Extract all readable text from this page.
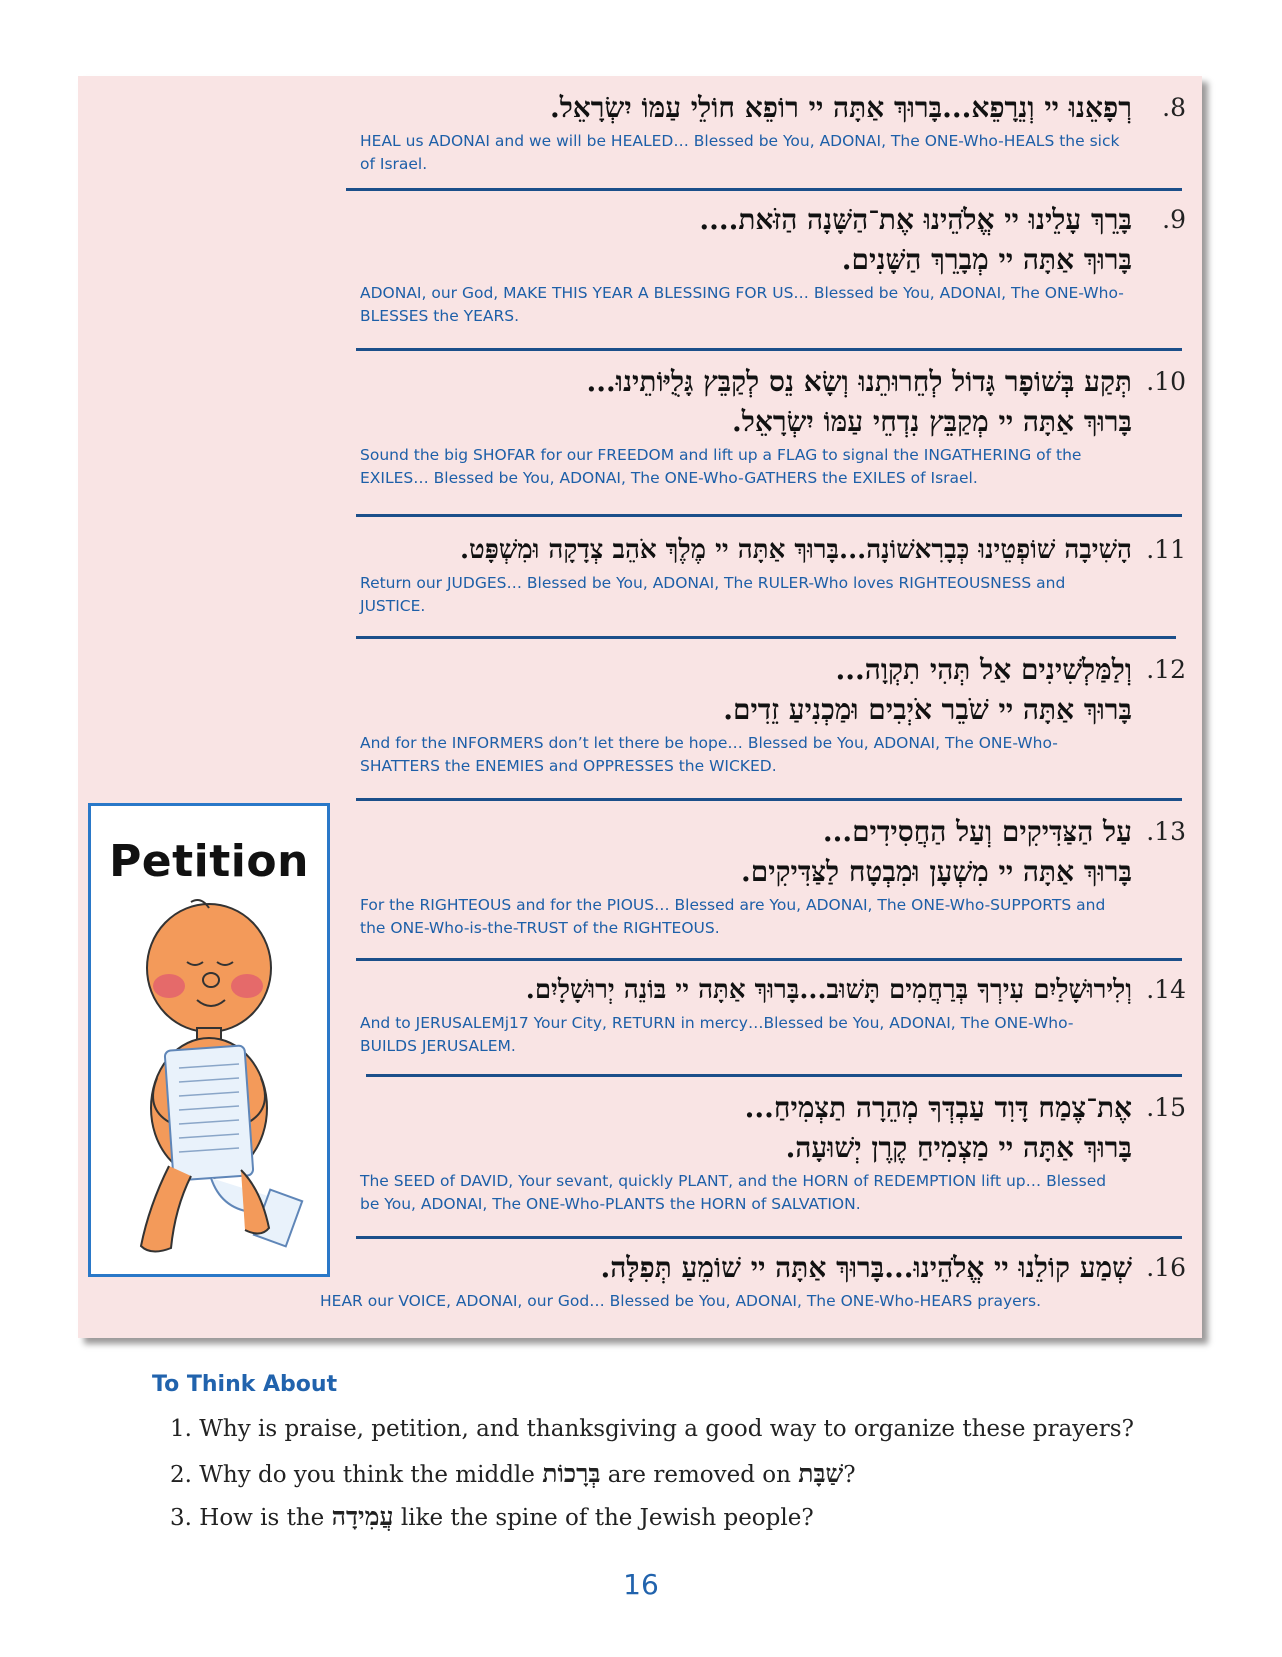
.8
רְפָאֵנוּ יי וְנֵרָפֵא...בָּרוּךְ אַתָּה יי רוֹפֵא חוֹלֵי עַמּוֹ יִשְׂרָאֵל.
HEAL us ADONAI and we will be HEALED… Blessed be You, ADONAI, The ONE-Who-HEALS the sick of Israel.
.9
בָּרֵךְ עָלֵינוּ יי אֱלֹהֵינוּ אֶת־הַשָּׁנָה הַזֹּאת....
בָּרוּךְ אַתָּה יי מְבָרֵךְ הַשָּׁנִים.
ADONAI, our God, MAKE THIS YEAR A BLESSING FOR US… Blessed be You, ADONAI, The ONE-Who-BLESSES the YEARS.
.10
תְּקַע בְּשׁוֹפָר גָּדוֹל לְחֵרוּתֵנוּ וְשָׂא נֵס לְקַבֵּץ גָּלֻיּוֹתֵינוּ...
בָּרוּךְ אַתָּה יי מְקַבֵּץ נִדְחֵי עַמּוֹ יִשְׂרָאֵל.
Sound the big SHOFAR for our FREEDOM and lift up a FLAG to signal the INGATHERING of the EXILES… Blessed be You, ADONAI, The ONE-Who-GATHERS the EXILES of Israel.
.11
הָשִׁיבָה שׁוֹפְטֵינוּ כְּבָרִאשׁוֹנָה...בָּרוּךְ אַתָּה יי מֶלֶךְ אֹהֵב צְדָקָה וּמִשְׁפָּט.
Return our JUDGES… Blessed be You, ADONAI, The RULER-Who loves RIGHTEOUSNESS and JUSTICE.
.12
וְלַמַּלְשִׁינִים אַל תְּהִי תִקְוָה...
בָּרוּךְ אַתָּה יי שֹׁבֵר אֹיְבִים וּמַכְנִיעַ זֵדִים.
And for the INFORMERS don’t let there be hope… Blessed be You, ADONAI, The ONE-Who-SHATTERS the ENEMIES and OPPRESSES the WICKED.
.13
עַל הַצַּדִּיקִים וְעַל הַחֲסִידִים...
בָּרוּךְ אַתָּה יי מִשְׁעָן וּמִבְטָח לַצַּדִּיקִים.
For the RIGHTEOUS and for the PIOUS… Blessed are You, ADONAI, The ONE-Who-SUPPORTS and the ONE-Who-is-the-TRUST of the RIGHTEOUS.
.14
וְלִירוּשָׁלַיִם עִירְךָ בְּרַחֲמִים תָּשׁוּב...בָּרוּךְ אַתָּה יי בּוֹנֵה יְרוּשָׁלָיִם.
And to JERUSALEMj17 Your City, RETURN in mercy…Blessed be You, ADONAI, The ONE-Who-BUILDS JERUSALEM.
.15
אֶת־צֶמַח דָּוִד עַבְדְּךָ מְהֵרָה תַצְמִיחַ...
בָּרוּךְ אַתָּה יי מַצְמִיחַ קֶרֶן יְשׁוּעָה.
The SEED of DAVID, Your sevant, quickly PLANT, and the HORN of REDEMPTION lift up… Blessed be You, ADONAI, The ONE-Who-PLANTS the HORN of SALVATION.
.16
שְׁמַע קוֹלֵנוּ יי אֱלֹהֵינוּ...בָּרוּךְ אַתָּה יי שׁוֹמֵעַ תְּפִלָּה.
HEAR our VOICE, ADONAI, our God… Blessed be You, ADONAI, The ONE-Who-HEARS prayers.
Petition
To Think About
1. Why is praise, petition, and thanksgiving a good way to organize these prayers?
2. Why do you think the middle בְּרָכוֹת are removed on שַׁבָּת?
3. How is the עֲמִידָה like the spine of the Jewish people?
16
